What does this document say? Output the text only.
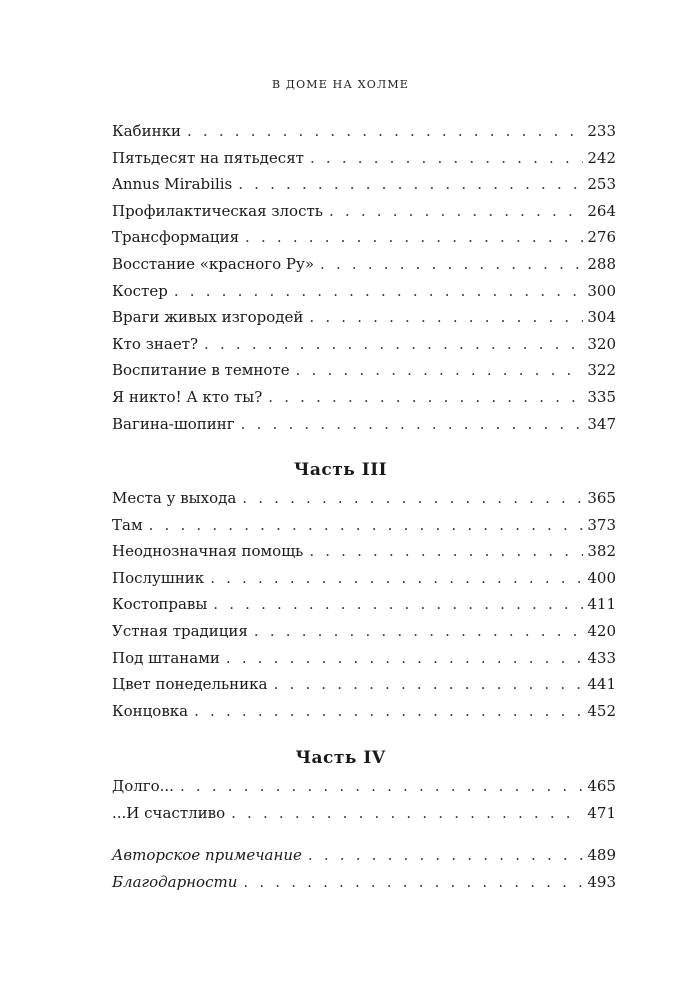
В ДОМЕ НА ХОЛМЕ
Кабинки . . .	233
Пятьдесят на пятьдесят . . .	242
Annus Mirabilis . . .	253
Профилактическая злость . . .	264
Трансформация . . .	276
Восстание «красного Ру» . . .	288
Костер . . .	300
Враги живых изгородей . . .	304
Кто знает? . . .	320
Воспитание в темноте . . .	322
Я никто! А кто ты? . . .	335
Вагина-шопинг . . .	347
Часть III
Места у выхода . . .	365
Там . . .	373
Неоднозначная помощь . . .	382
Послушник . . .	400
Костоправы . . .	411
Устная традиция . . .	420
Под штанами . . .	433
Цвет понедельника . . .	441
Концовка . . .	452
Часть IV
Долго... . . .	465
...И счастливо . . .	471
Авторское примечание . . .	489
Благодарности . . .	493
